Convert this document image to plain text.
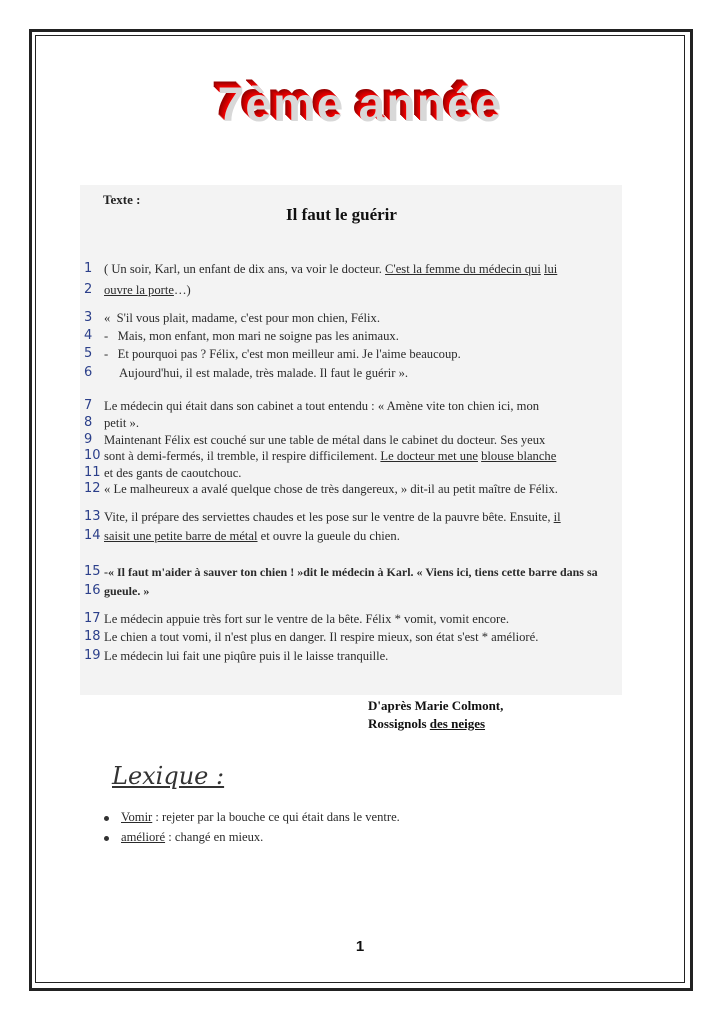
7ème année
Texte :
Il faut le guérir
1 ( Un soir, Karl, un enfant de dix ans, va voir le docteur. C'est la femme du médecin qui lui
2 ouvre la porte…)
3 «  S'il vous plait, madame, c'est pour mon chien, Félix.
4 -   Mais, mon enfant, mon mari ne soigne pas les animaux.
5 -   Et pourquoi pas ? Félix, c'est mon meilleur ami. Je l'aime beaucoup.
6 Aujourd'hui, il est malade, très malade. Il faut le guérir ».
7 Le médecin qui était dans son cabinet a tout entendu : « Amène vite ton chien ici, mon
8 petit ».
9 Maintenant Félix est couché sur une table de métal dans le cabinet du docteur. Ses yeux
10 sont à demi-fermés, il tremble, il respire difficilement. Le docteur met une blouse blanche
11 et des gants de caoutchouc.
12 « Le malheureux a avalé quelque chose de très dangereux, » dit-il au petit maître de Félix.
13 Vite, il prépare des serviettes chaudes et les pose sur le ventre de la pauvre bête. Ensuite, il
14 saisit une petite barre de métal et ouvre la gueule du chien.
15 -« Il faut m'aider à sauver ton chien ! »dit le médecin à Karl. « Viens ici, tiens cette barre dans sa
16 gueule. »
17 Le médecin appuie très fort sur le ventre de la bête. Félix * vomit, vomit encore.
18 Le chien a tout vomi, il n'est plus en danger. Il respire mieux, son état s'est * amélioré.
19 Le médecin lui fait une piqûre puis il le laisse tranquille.
D'après Marie Colmont,
Rossignols des neiges
Lexique :
Vomir : rejeter par la bouche ce qui était dans le ventre.
amélioré : changé en mieux.
1
